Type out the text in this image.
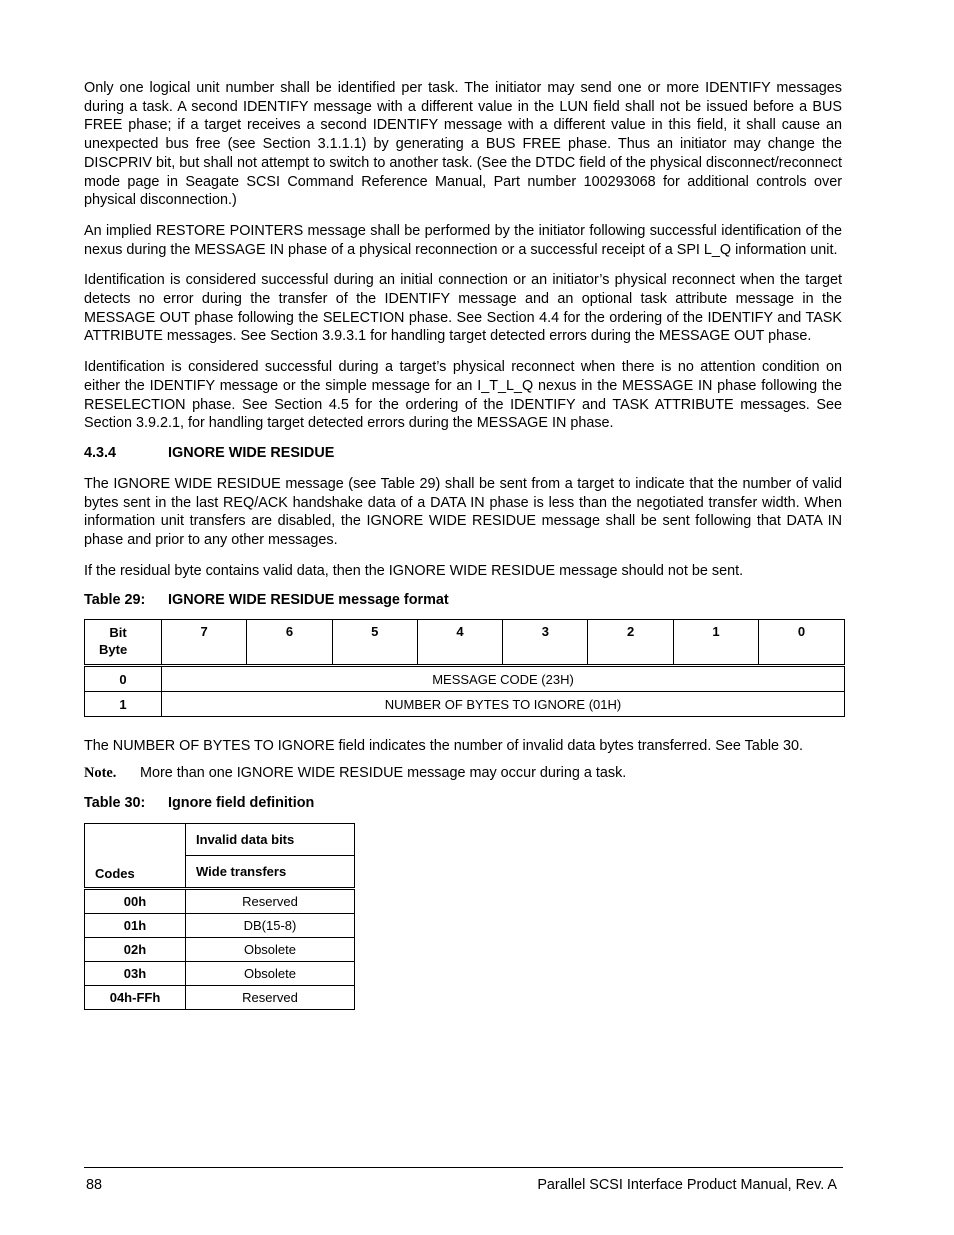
Only one logical unit number shall be identified per task. The initiator may send one or more IDENTIFY messages during a task. A second IDENTIFY message with a different value in the LUN field shall not be issued before a BUS FREE phase; if a target receives a second IDENTIFY message with a different value in this field, it shall cause an unexpected bus free (see Section 3.1.1.1) by generating a BUS FREE phase. Thus an initiator may change the DISCPRIV bit, but shall not attempt to switch to another task. (See the DTDC field of the physical disconnect/reconnect mode page in Seagate SCSI Command Reference Manual, Part number 100293068 for additional controls over physical disconnection.)

An implied RESTORE POINTERS message shall be performed by the initiator following successful identification of the nexus during the MESSAGE IN phase of a physical reconnection or a successful receipt of a SPI L_Q information unit.

Identification is considered successful during an initial connection or an initiator’s physical reconnect when the target detects no error during the transfer of the IDENTIFY message and an optional task attribute message in the MESSAGE OUT phase following the SELECTION phase. See Section 4.4 for the ordering of the IDENTIFY and TASK ATTRIBUTE messages. See Section 3.9.3.1 for handling target detected errors during the MESSAGE OUT phase.

Identification is considered successful during a target’s physical reconnect when there is no attention condition on either the IDENTIFY message or the simple message for an I_T_L_Q nexus in the MESSAGE IN phase following the RESELECTION phase. See Section 4.5 for the ordering of the IDENTIFY and TASK ATTRIBUTE messages. See Section 3.9.2.1, for handling target detected errors during the MESSAGE IN phase.

4.3.4	IGNORE WIDE RESIDUE

The IGNORE WIDE RESIDUE message (see Table 29) shall be sent from a target to indicate that the number of valid bytes sent in the last REQ/ACK handshake data of a DATA IN phase is less than the negotiated transfer width. When information unit transfers are disabled, the IGNORE WIDE RESIDUE message shall be sent following that DATA IN phase and prior to any other messages.

If the residual byte contains valid data, then the IGNORE WIDE RESIDUE message should not be sent.

Table 29: IGNORE WIDE RESIDUE message format
Bit
Byte	7	6	5	4	3	2	1	0
0	MESSAGE CODE (23H)							
1	NUMBER OF BYTES TO IGNORE (01H)							

The NUMBER OF BYTES TO IGNORE field indicates the number of invalid data bytes transferred. See Table 30.

Note. More than one IGNORE WIDE RESIDUE message may occur during a task.
Table 30: Ignore field definition
Codes	Invalid data bits
	Wide transfers
00h	Reserved
01h	DB(15-8)
02h	Obsolete
03h	Obsolete
04h-FFh	Reserved
88	Parallel SCSI Interface Product Manual, Rev. A
